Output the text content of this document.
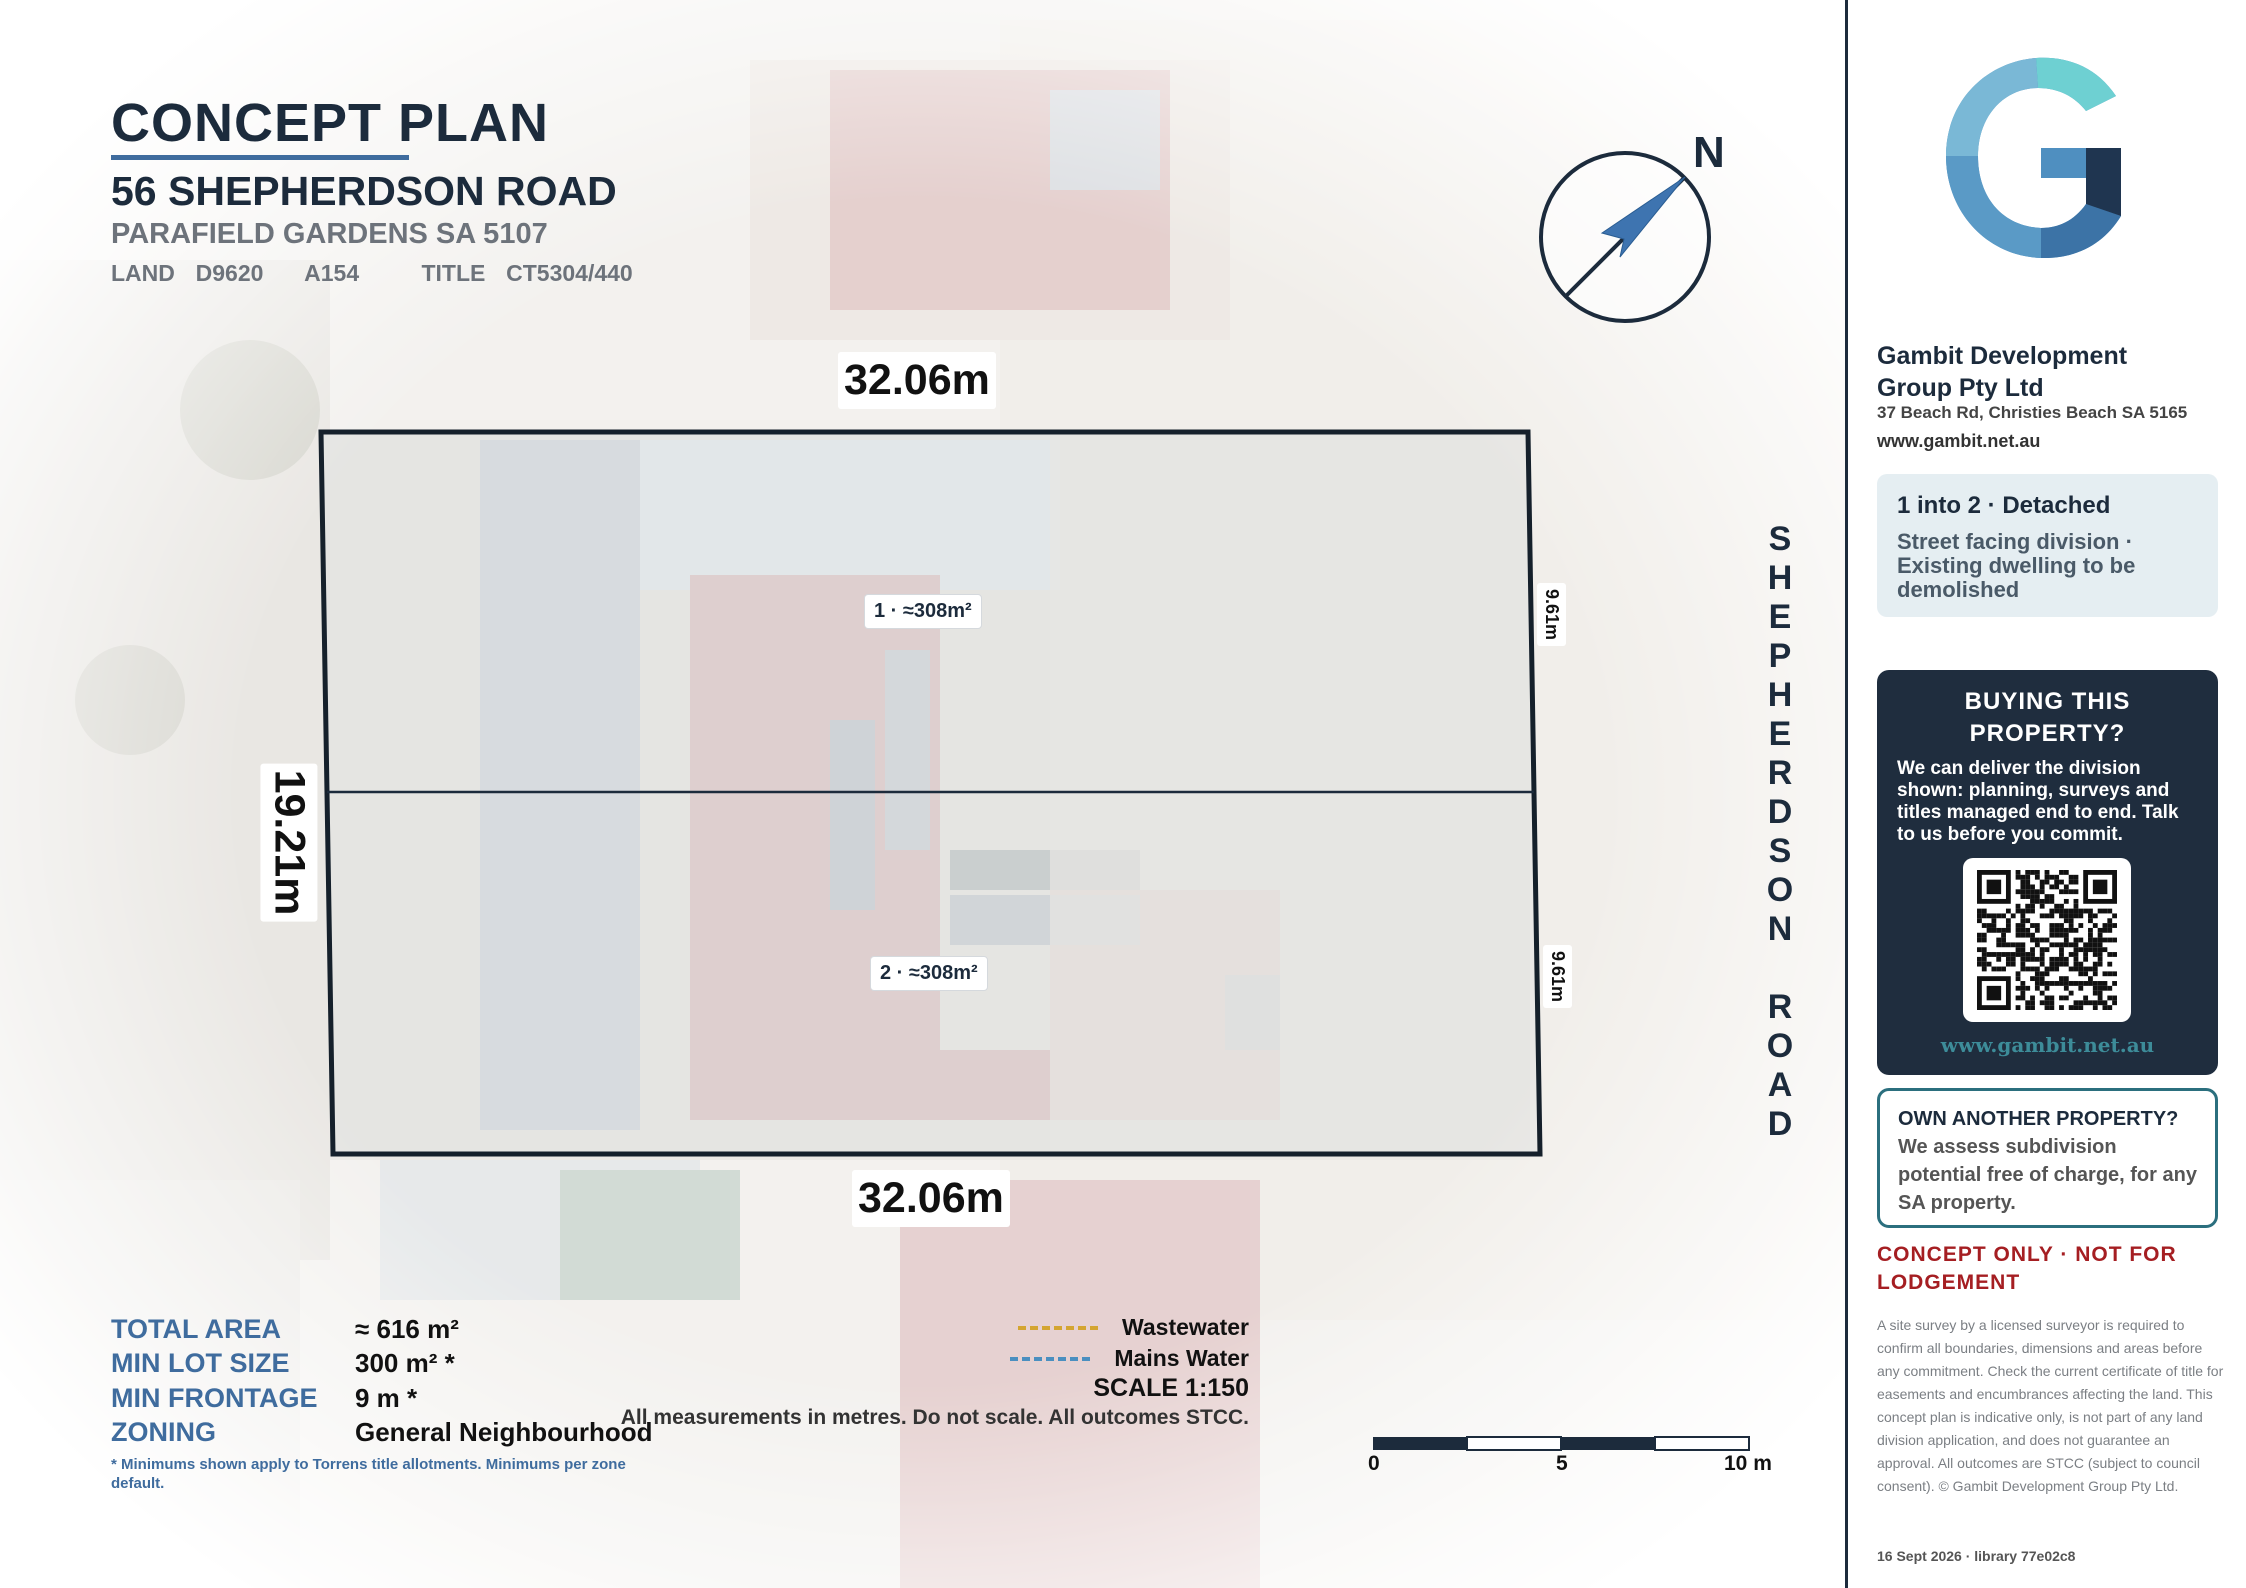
CONCEPT PLAN
56 SHEPHERDSON ROAD
PARAFIELD GARDENS SA 5107
LAND  D9620    A154      TITLE  CT5304/440
N
32.06m
32.06m
19.21m
9.61m
9.61m
1 · ≈308m²
2 · ≈308m²
S
H
E
P
H
E
R
D
S
O
N

R
O
A
D
TOTAL AREA	≈ 616 m²
MIN LOT SIZE	300 m² *
MIN FRONTAGE	9 m *
ZONING	General Neighbourhood
* Minimums shown apply to Torrens title allotments. Minimums per zone default.
Wastewater
Mains Water
SCALE 1:150
All measurements in metres. Do not scale. All outcomes STCC.
0	5	10 m
Gambit Development
Group Pty Ltd
37 Beach Rd, Christies Beach SA 5165
www.gambit.net.au
1 into 2 · Detached
Street facing division · Existing dwelling to be demolished
BUYING THIS PROPERTY?
We can deliver the division shown: planning, surveys and titles managed end to end. Talk to us before you commit.
www.gambit.net.au
OWN ANOTHER PROPERTY? We assess subdivision potential free of charge, for any SA property.
CONCEPT ONLY · NOT FOR LODGEMENT
A site survey by a licensed surveyor is required to confirm all boundaries, dimensions and areas before any commitment. Check the current certificate of title for easements and encumbrances affecting the land. This concept plan is indicative only, is not part of any land division application, and does not guarantee an approval. All outcomes are STCC (subject to council consent). © Gambit Development Group Pty Ltd.
16 Sept 2026 · library 77e02c8
